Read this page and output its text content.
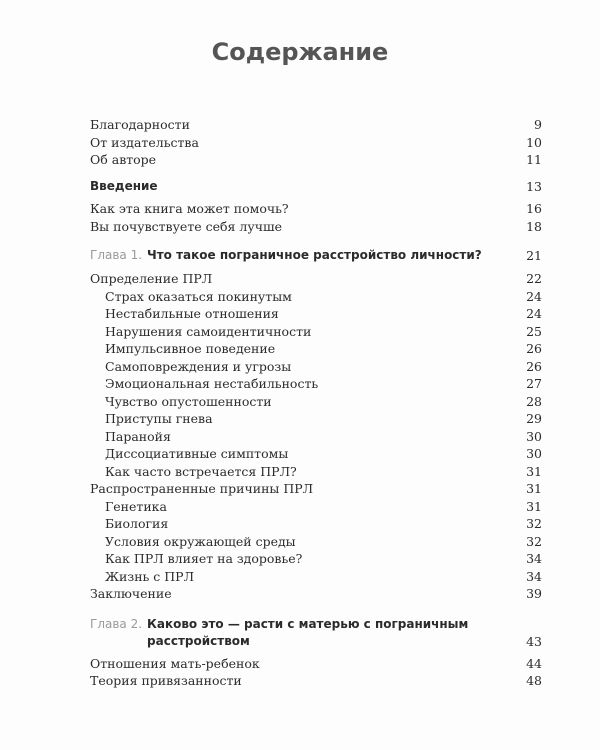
Содержание
Благодарности	9
От издательства	10
Об авторе	11
Введение	13
Как эта книга может помочь?	16
Вы почувствуете себя лучше	18
Глава 1. Что такое пограничное расстройство личности?	21
Определение ПРЛ	22
Страх оказаться покинутым	24
Нестабильные отношения	24
Нарушения самоидентичности	25
Импульсивное поведение	26
Самоповреждения и угрозы	26
Эмоциональная нестабильность	27
Чувство опустошенности	28
Приступы гнева	29
Паранойя	30
Диссоциативные симптомы	30
Как часто встречается ПРЛ?	31
Распространенные причины ПРЛ	31
Генетика	31
Биология	32
Условия окружающей среды	32
Как ПРЛ влияет на здоровье?	34
Жизнь с ПРЛ	34
Заключение	39
Глава 2. Каково это — расти с матерью с пограничным расстройством	43
Отношения мать-ребенок	44
Теория привязанности	48
